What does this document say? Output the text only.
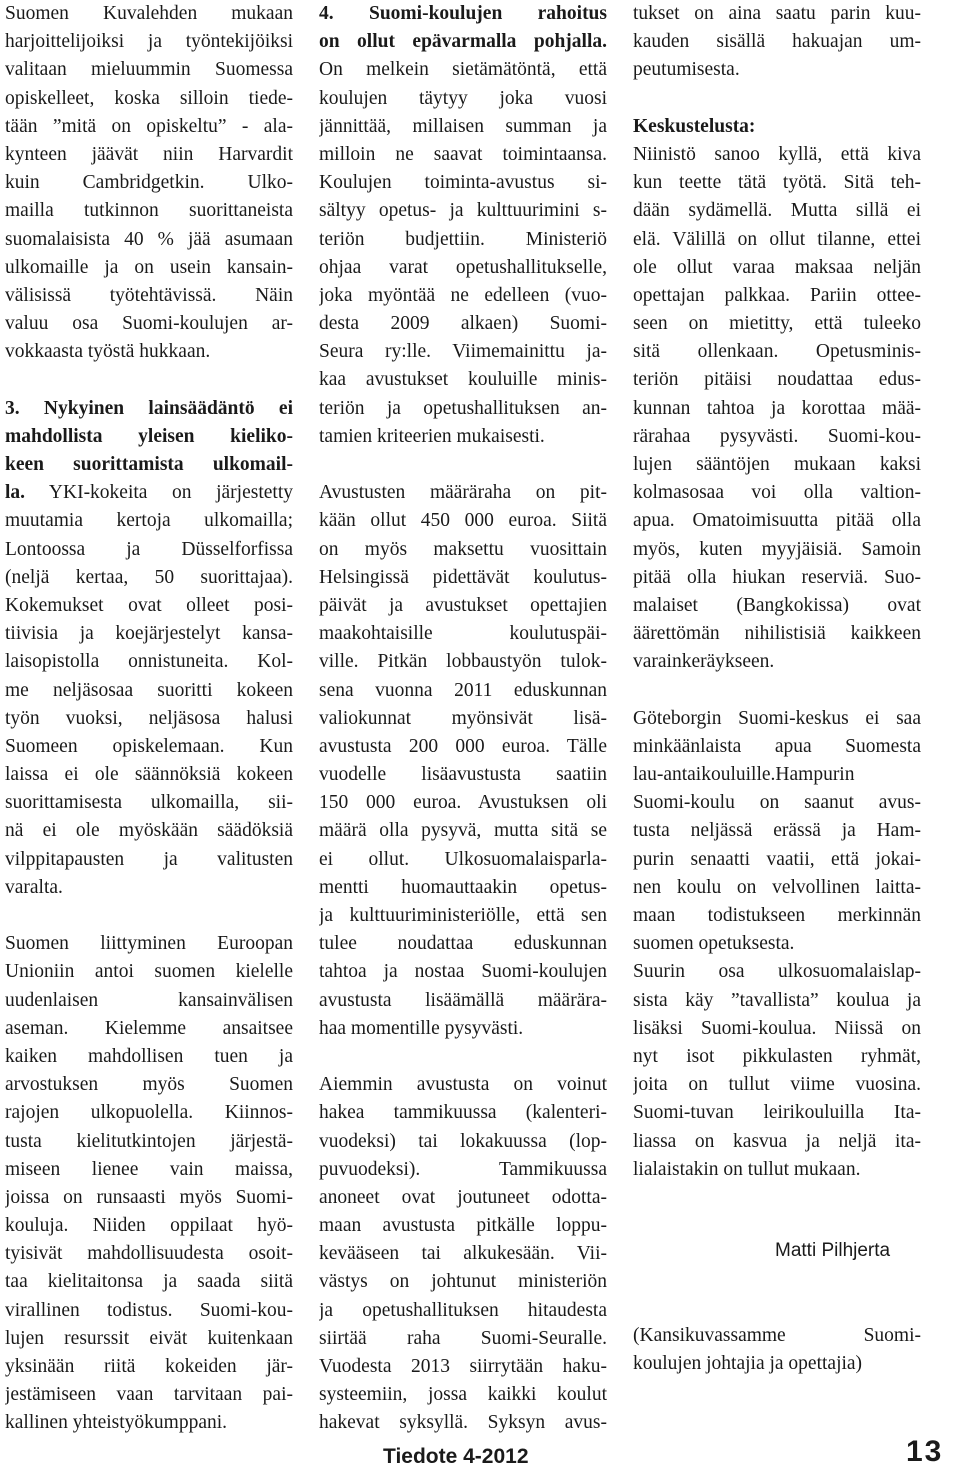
Suomen Kuvalehden mukaan
harjoittelijoiksi ja työntekijöiksi
valitaan mieluummin Suomessa
opiskelleet, koska silloin tiede-
tään ”mitä on opiskeltu” - ala-
kynteen jäävät niin Harvardit
kuin Cambridgetkin. Ulko-
mailla tutkinnon suorittaneista
suomalaisista 40 % jää asumaan
ulkomaille ja on usein kansain-
välisissä työtehtävissä. Näin
valuu osa Suomi-koulujen ar-
vokkaasta työstä hukkaan.
3. Nykyinen lainsäädäntö ei
mahdollista yleisen kieliko-
keen suorittamista ulkomail-
la. YKI-kokeita on järjestetty
muutamia kertoja ulkomailla;
Lontoossa ja Düsselforfissa
(neljä kertaa, 50 suorittajaa).
Kokemukset ovat olleet posi-
tiivisia ja koejärjestelyt kansa-
laisopistolla onnistuneita. Kol-
me neljäsosaa suoritti kokeen
työn vuoksi, neljäsosa halusi
Suomeen opiskelemaan. Kun
laissa ei ole säännöksiä kokeen
suorittamisesta ulkomailla, sii-
nä ei ole myöskään säädöksiä
vilppitapausten ja valitusten
varalta.
Suomen liittyminen Euroopan
Unioniin antoi suomen kielelle
uudenlaisen kansainvälisen
aseman. Kielemme ansaitsee
kaiken mahdollisen tuen ja
arvostuksen myös Suomen
rajojen ulkopuolella. Kiinnos-
tusta kielitutkintojen järjestä-
miseen lienee vain maissa,
joissa on runsaasti myös Suomi-
kouluja. Niiden oppilaat hyö-
tyisivät mahdollisuudesta osoit-
taa kielitaitonsa ja saada siitä
virallinen todistus. Suomi-kou-
lujen resurssit eivät kuitenkaan
yksinään riitä kokeiden jär-
jestämiseen vaan tarvitaan pai-
kallinen yhteistyökumppani.
4. Suomi-koulujen rahoitus
on ollut epävarmalla pohjalla.
On melkein sietämätöntä, että
koulujen täytyy joka vuosi
jännittää, millaisen summan ja
milloin ne saavat toimintaansa.
Koulujen toiminta-avustus si-
sältyy opetus- ja kulttuurimini s-
teriön budjettiin. Ministeriö
ohjaa varat opetushallitukselle,
joka myöntää ne edelleen (vuo-
desta 2009 alkaen) Suomi-
Seura ry:lle. Viimemainittu ja-
kaa avustukset kouluille minis-
teriön ja opetushallituksen an-
tamien kriteerien mukaisesti.
Avustusten määräraha on pit-
kään ollut 450 000 euroa. Siitä
on myös maksettu vuosittain
Helsingissä pidettävät koulutus-
päivät ja avustukset opettajien
maakohtaisille koulutuspäi-
ville. Pitkän lobbaustyön tulok-
sena vuonna 2011 eduskunnan
valiokunnat myönsivät lisä-
avustusta 200 000 euroa. Tälle
vuodelle lisäavustusta saatiin
150 000 euroa. Avustuksen oli
määrä olla pysyvä, mutta sitä se
ei ollut. Ulkosuomalaisparla-
mentti huomauttaakin opetus-
ja kulttuuriministeriölle, että sen
tulee noudattaa eduskunnan
tahtoa ja nostaa Suomi-koulujen
avustusta lisäämällä määrära-
haa momentille pysyvästi.
Aiemmin avustusta on voinut
hakea tammikuussa (kalenteri-
vuodeksi) tai lokakuussa (lop-
puvuodeksi). Tammikuussa
anoneet ovat joutuneet odotta-
maan avustusta pitkälle loppu-
kevääseen tai alkukesään. Vii-
västys on johtunut ministeriön
ja opetushallituksen hitaudesta
siirtää raha Suomi-Seuralle.
Vuodesta 2013 siirrytään haku-
systeemiin, jossa kaikki koulut
hakevat syksyllä. Syksyn avus-
tukset on aina saatu parin kuu-
kauden sisällä hakuajan um-
peutumisesta.
Keskustelusta:
Niinistö sanoo kyllä, että kiva
kun teette tätä työtä. Sitä teh-
dään sydämellä. Mutta sillä ei
elä. Välillä on ollut tilanne, ettei
ole ollut varaa maksaa neljän
opettajan palkkaa. Pariin ottee-
seen on mietitty, että tuleeko
sitä ollenkaan. Opetusminis-
teriön pitäisi noudattaa edus-
kunnan tahtoa ja korottaa mää-
rärahaa pysyvästi. Suomi-kou-
lujen sääntöjen mukaan kaksi
kolmasosaa voi olla valtion-
apua. Omatoimisuutta pitää olla
myös, kuten myyjäisiä. Samoin
pitää olla hiukan reserviä. Suo-
malaiset (Bangkokissa) ovat
äärettömän nihilistisiä kaikkeen
varainkeräykseen.
Göteborgin Suomi-keskus ei saa
minkäänlaista apua Suomesta
lau-antaikouluille.Hampurin
Suomi-koulu on saanut avus-
tusta neljässä erässä ja Ham-
purin senaatti vaatii, että jokai-
nen koulu on velvollinen laitta-
maan todistukseen merkinnän
suomen opetuksesta.
Suurin osa ulkosuomalaislap-
sista käy ”tavallista” koulua ja
lisäksi Suomi-koulua. Niissä on
nyt isot pikkulasten ryhmät,
joita on tullut viime vuosina.
Suomi-tuvan leirikouluilla Ita-
liassa on kasvua ja neljä ita-
lialaistakin on tullut mukaan.
Matti Pilhjerta
(Kansikuvassamme Suomi-
koulujen johtajia ja opettajia)
Tiedote 4-2012	13
